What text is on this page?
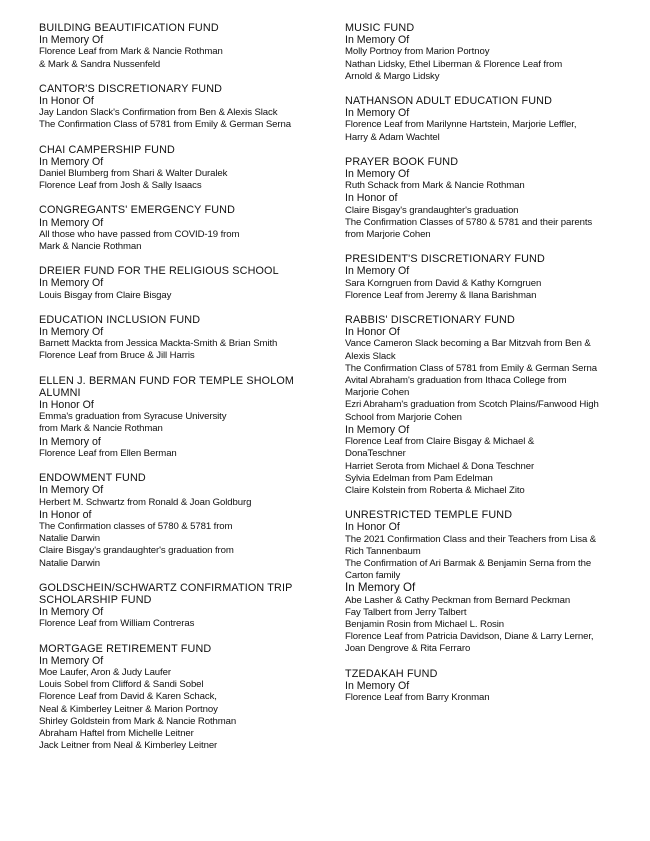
BUILDING BEAUTIFICATION FUND
In Memory Of
Florence Leaf from Mark & Nancie Rothman
& Mark & Sandra Nussenfeld
CANTOR'S DISCRETIONARY FUND
In Honor Of
Jay Landon Slack's Confirmation from Ben & Alexis Slack
The Confirmation Class of 5781 from Emily & German Serna
CHAI CAMPERSHIP FUND
In Memory Of
Daniel Blumberg from Shari & Walter Duralek
Florence Leaf from Josh & Sally Isaacs
CONGREGANTS' EMERGENCY FUND
In Memory Of
All those who have passed from COVID-19 from
Mark & Nancie Rothman
DREIER FUND FOR THE RELIGIOUS SCHOOL
In Memory Of
Louis Bisgay from Claire Bisgay
EDUCATION INCLUSION FUND
In Memory Of
Barnett Mackta from Jessica Mackta-Smith & Brian Smith
Florence Leaf from Bruce & Jill Harris
ELLEN J. BERMAN FUND FOR TEMPLE SHOLOM ALUMNI
In Honor Of
Emma's graduation from Syracuse University
from Mark & Nancie Rothman
In Memory of
Florence Leaf from Ellen Berman
ENDOWMENT FUND
In Memory Of
Herbert M. Schwartz from Ronald & Joan Goldburg
In Honor of
The Confirmation classes of 5780 & 5781 from
Natalie Darwin
Claire Bisgay's grandaughter's graduation from
Natalie Darwin
GOLDSCHEIN/SCHWARTZ CONFIRMATION TRIP SCHOLARSHIP FUND
In Memory Of
Florence Leaf from William Contreras
MORTGAGE RETIREMENT FUND
In Memory Of
Moe Laufer, Aron & Judy Laufer
Louis Sobel from Clifford & Sandi Sobel
Florence Leaf from David & Karen Schack,
Neal & Kimberley Leitner & Marion Portnoy
Shirley Goldstein from Mark & Nancie Rothman
Abraham Haftel from Michelle Leitner
Jack Leitner from Neal & Kimberley Leitner
MUSIC FUND
In Memory Of
Molly Portnoy from Marion Portnoy
Nathan Lidsky, Ethel Liberman & Florence Leaf from
Arnold & Margo Lidsky
NATHANSON ADULT EDUCATION FUND
In Memory Of
Florence Leaf from Marilynne Hartstein, Marjorie Leffler,
Harry & Adam Wachtel
PRAYER BOOK FUND
In Memory Of
Ruth Schack from Mark & Nancie Rothman
In Honor of
Claire Bisgay's grandaughter's graduation
The Confirmation Classes of 5780 & 5781 and their parents
from Marjorie Cohen
PRESIDENT'S DISCRETIONARY FUND
In Memory Of
Sara Korngruen from David & Kathy Korngruen
Florence Leaf from Jeremy & Ilana Barishman
RABBIS' DISCRETIONARY FUND
In Honor Of
Vance Cameron Slack becoming a Bar Mitzvah from Ben &
Alexis Slack
The Confirmation Class of 5781 from Emily & German Serna
Avital Abraham's graduation from Ithaca College from
Marjorie Cohen
Ezri Abraham's graduation from Scotch Plains/Fanwood High
School from Marjorie Cohen
In Memory Of
Florence Leaf from Claire Bisgay & Michael &
DonaTeschner
Harriet Serota from Michael & Dona Teschner
Sylvia Edelman from Pam Edelman
Claire Kolstein from Roberta & Michael Zito
UNRESTRICTED TEMPLE FUND
In Honor Of
The 2021 Confirmation Class and their Teachers from Lisa &
Rich Tannenbaum
The Confirmation of Ari Barmak & Benjamin Serna from the
Carton family
In Memory Of
Abe Lasher & Cathy Peckman from Bernard Peckman
Fay Talbert from Jerry Talbert
Benjamin Rosin from Michael L. Rosin
Florence Leaf from Patricia Davidson, Diane & Larry Lerner,
Joan Dengrove & Rita Ferraro
TZEDAKAH FUND
In Memory Of
Florence Leaf from Barry Kronman
